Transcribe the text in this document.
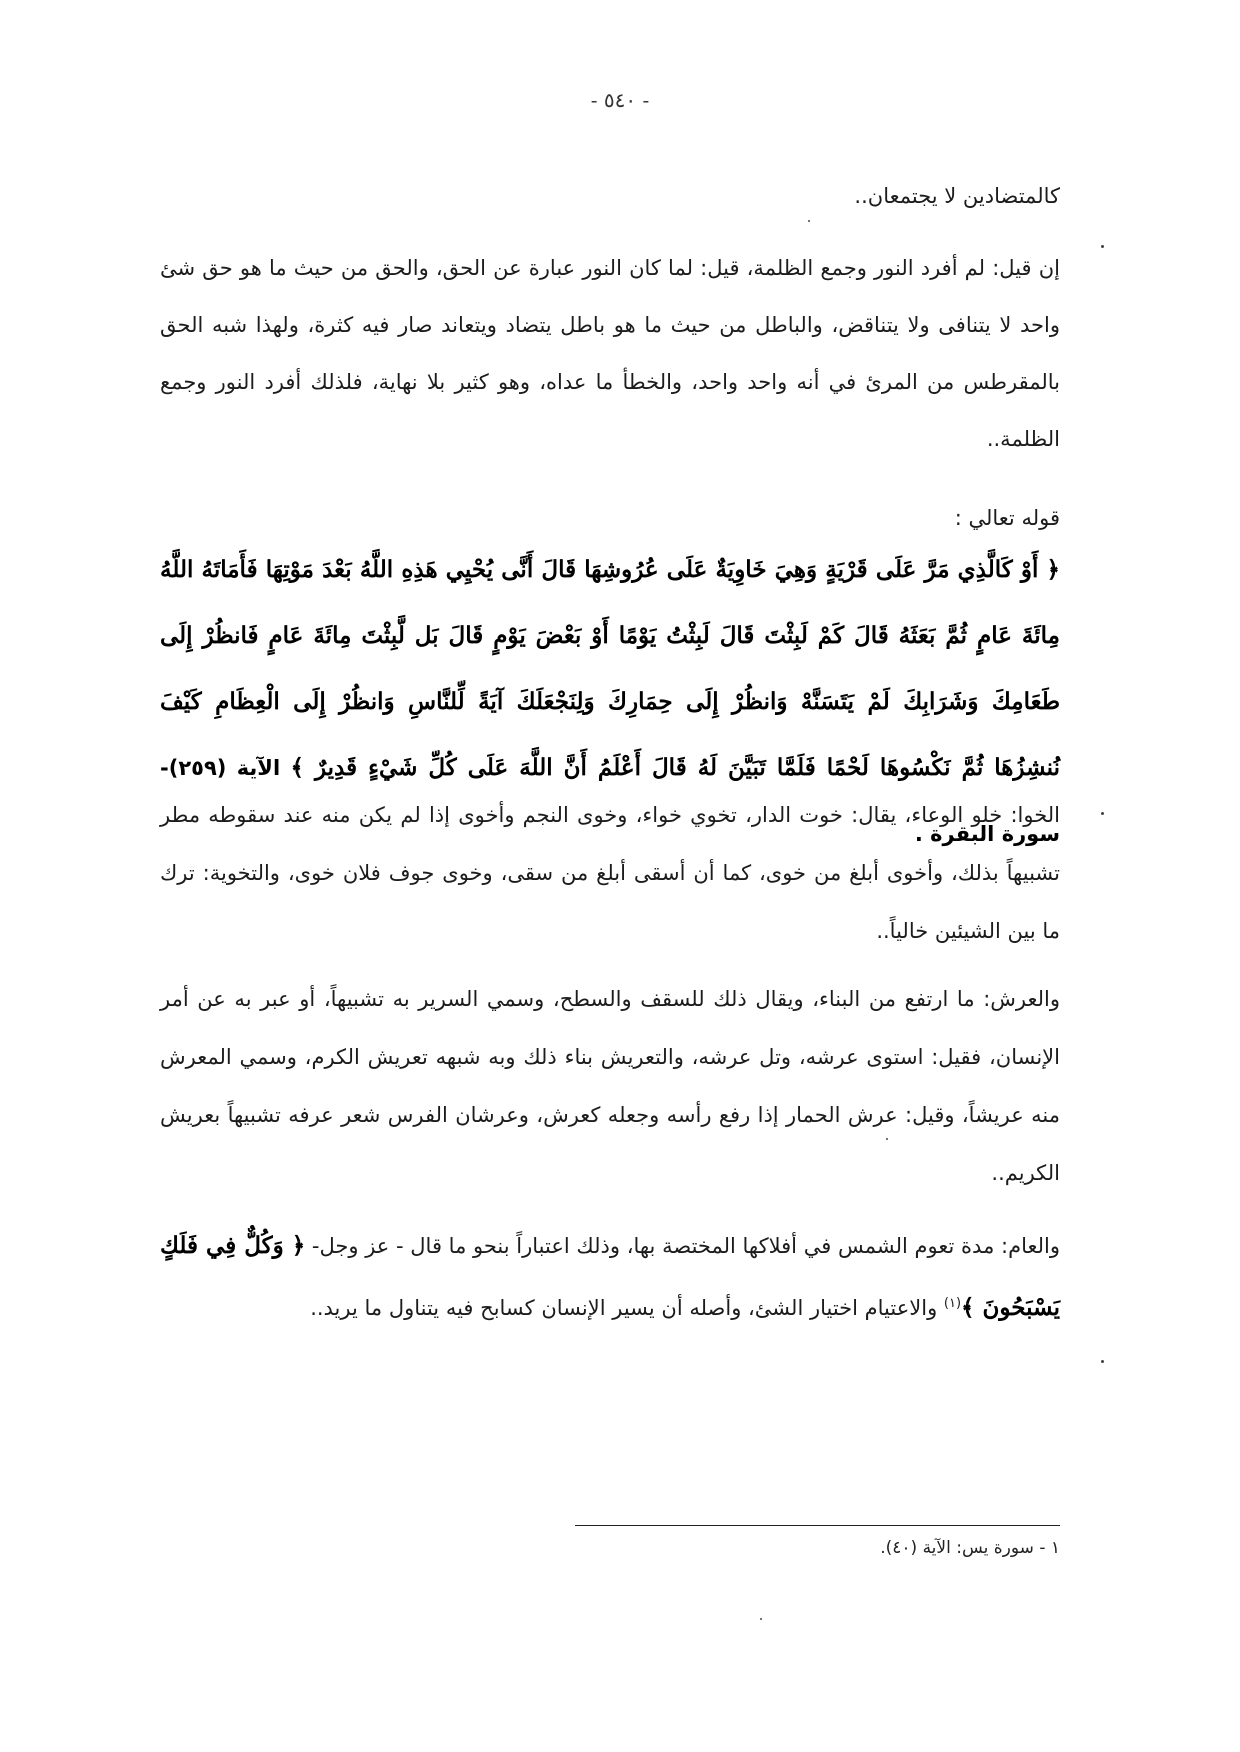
- ٥٤٠ -

كالمتضادين لا يجتمعان..

إن قيل: لم أفرد النور وجمع الظلمة، قيل: لما كان النور عبارة عن الحق، والحق من حيث ما هو حق شئ واحد لا يتنافى ولا يتناقض، والباطل من حيث ما هو باطل يتضاد ويتعاند صار فيه كثرة، ولهذا شبه الحق بالمقرطس من المرئ في أنه واحد واحد، والخطأ ما عداه، وهو كثير بلا نهاية، فلذلك أفرد النور وجمع الظلمة..

قوله تعالي :

﴿ أَوْ كَالَّذِي مَرَّ عَلَى قَرْيَةٍ وَهِيَ خَاوِيَةٌ عَلَى عُرُوشِهَا قَالَ أَنَّى يُحْيِي هَذِهِ اللَّهُ بَعْدَ مَوْتِهَا فَأَمَاتَهُ اللَّهُ مِائَةَ عَامٍ ثُمَّ بَعَثَهُ قَالَ كَمْ لَبِثْتَ قَالَ لَبِثْتُ يَوْمًا أَوْ بَعْضَ يَوْمٍ قَالَ بَل لَّبِثْتَ مِائَةَ عَامٍ فَانظُرْ إِلَى طَعَامِكَ وَشَرَابِكَ لَمْ يَتَسَنَّهْ وَانظُرْ إِلَى حِمَارِكَ وَلِنَجْعَلَكَ آيَةً لِّلنَّاسِ وَانظُرْ إِلَى الْعِظَامِ كَيْفَ نُنشِزُهَا ثُمَّ نَكْسُوهَا لَحْمًا فَلَمَّا تَبَيَّنَ لَهُ قَالَ أَعْلَمُ أَنَّ اللَّهَ عَلَى كُلِّ شَيْءٍ قَدِيرٌ ﴾ الآية (٢٥٩)- سورة البقرة .

الخوا: خلو الوعاء، يقال: خوت الدار، تخوي خواء، وخوى النجم وأخوى إذا لم يكن منه عند سقوطه مطر تشبيهاً بذلك، وأخوى أبلغ من خوى، كما أن أسقى أبلغ من سقى، وخوى جوف فلان خوى، والتخوية: ترك ما بين الشيئين خالياً..

والعرش: ما ارتفع من البناء، ويقال ذلك للسقف والسطح، وسمي السرير به تشبيهاً، أو عبر به عن أمر الإنسان، فقيل: استوى عرشه، وتل عرشه، والتعريش بناء ذلك وبه شبهه تعريش الكرم، وسمي المعرش منه عريشاً، وقيل: عرش الحمار إذا رفع رأسه وجعله كعرش، وعرشان الفرس شعر عرفه تشبيهاً بعريش الكريم..

والعام: مدة تعوم الشمس في أفلاكها المختصة بها، وذلك اعتباراً بنحو ما قال - عز وجل- ﴿ وَكُلٌّ فِي فَلَكٍ يَسْبَحُونَ ﴾$^{(١)}$ والاعتيام اختيار الشئ، وأصله أن يسير الإنسان كسابح فيه يتناول ما يريد..

١ - سورة يس: الآية (٤٠).
